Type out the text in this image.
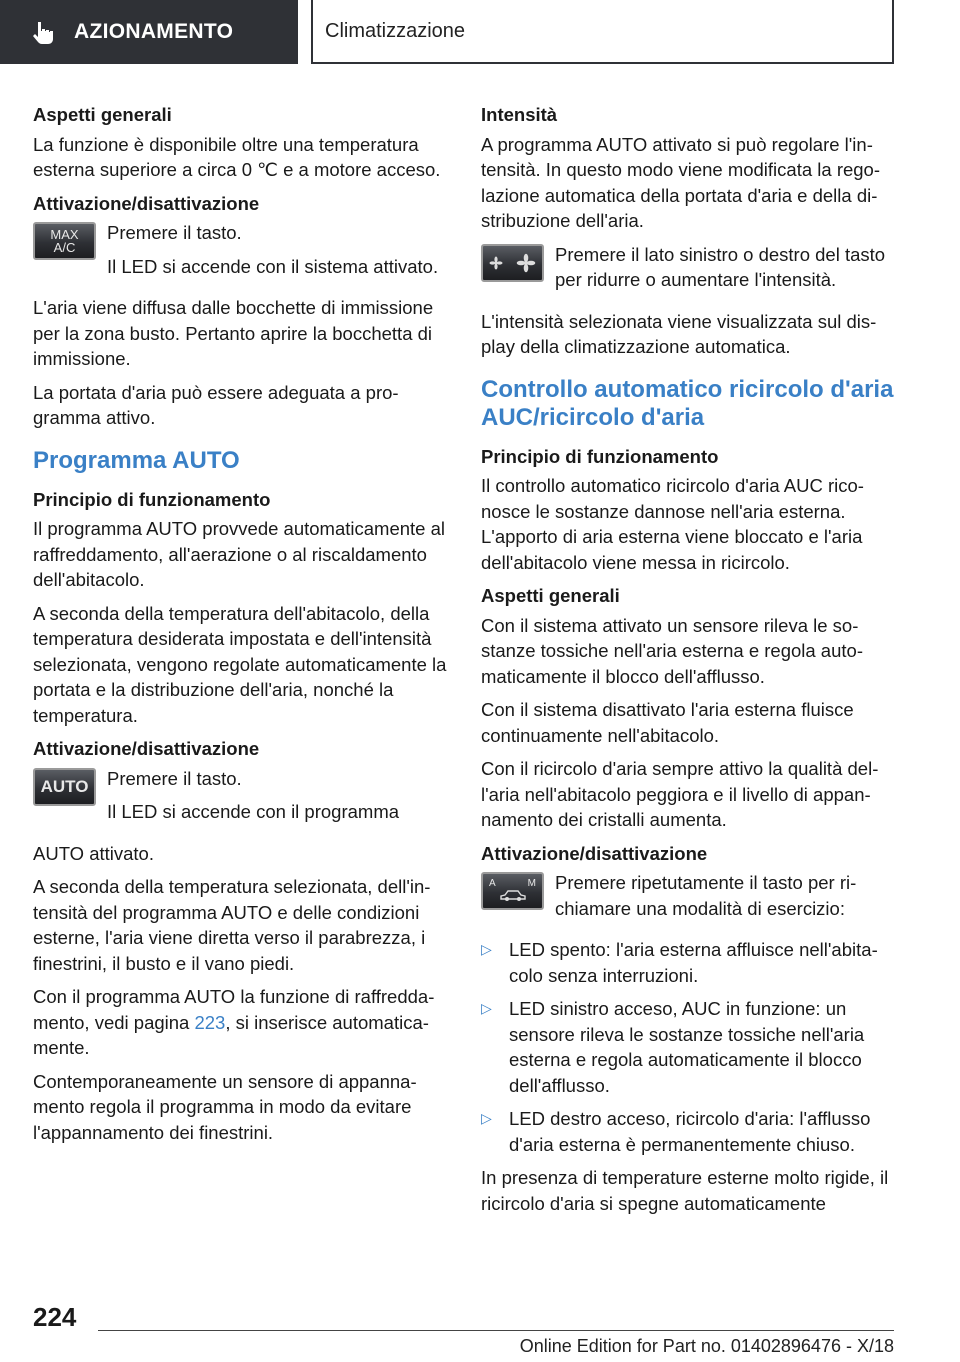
AZIONAMENTO	Climatizzazione
Aspetti generali

La funzione è disponibile oltre una temperatura esterna superiore a circa 0 ℃ e a motore acceso.

Attivazione/disattivazione
MAX
A/C

Premere il tasto.

Il LED si accende con il sistema attivato.

L'aria viene diffusa dalle bocchette di immissione per la zona busto. Pertanto aprire la bocchetta di immissione.

La portata d'aria può essere adeguata a programma attivo.

Programma AUTO
Principio di funzionamento

Il programma AUTO provvede automaticamente al raffreddamento, all'aerazione o al riscaldamento dell'abitacolo.

A seconda della temperatura dell'abitacolo, della temperatura desiderata impostata e dell'intensità selezionata, vengono regolate automaticamente la portata e la distribuzione dell'aria, nonché la temperatura.

Attivazione/disattivazione
AUTO Premere il tasto.

Il LED si accende con il programma

AUTO attivato.

A seconda della temperatura selezionata, dell'intensità del programma AUTO e delle condizioni esterne, l'aria viene diretta verso il parabrezza, i finestrini, il busto e il vano piedi.

Con il programma AUTO la funzione di raffreddamento, vedi pagina 223, si inserisce automaticamente.

Contemporaneamente un sensore di appannamento regola il programma in modo da evitare l'appannamento dei finestrini.

Intensità

A programma AUTO attivato si può regolare l'intensità. In questo modo viene modificata la regolazione automatica della portata d'aria e della distribuzione dell'aria.

Premere il lato sinistro o destro del tasto per ridurre o aumentare l'intensità.

L'intensità selezionata viene visualizzata sul display della climatizzazione automatica.

Controllo automatico ricircolo d'aria AUC/ricircolo d'aria
Principio di funzionamento

Il controllo automatico ricircolo d'aria AUC riconosce le sostanze dannose nell'aria esterna. L'apporto di aria esterna viene bloccato e l'aria dell'abitacolo viene messa in ricircolo.

Aspetti generali

Con il sistema attivato un sensore rileva le sostanze tossiche nell'aria esterna e regola automaticamente il blocco dell'afflusso.

Con il sistema disattivato l'aria esterna fluisce continuamente nell'abitacolo.

Con il ricircolo d'aria sempre attivo la qualità dell'aria nell'abitacolo peggiora e il livello di appannamento dei cristalli aumenta.

Attivazione/disattivazione
A	M Premere ripetutamente il tasto per richiamare una modalità di esercizio:

▷ LED spento: l'aria esterna affluisce nell'abitacolo senza interruzioni.
▷ LED sinistro acceso, AUC in funzione: un sensore rileva le sostanze tossiche nell'aria esterna e regola automaticamente il blocco dell'afflusso.
▷ LED destro acceso, ricircolo d'aria: l'afflusso d'aria esterna è permanentemente chiuso.

In presenza di temperature esterne molto rigide, il ricircolo d'aria si spegne automaticamente

224
Online Edition for Part no. 01402896476 - X/18
